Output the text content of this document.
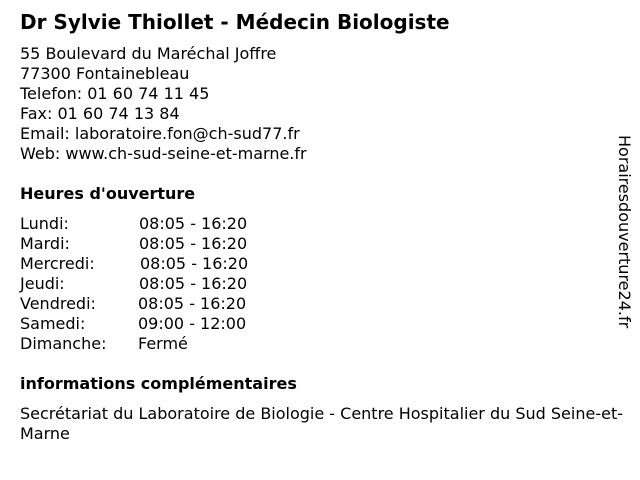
Dr Sylvie Thiollet - Médecin Biologiste
55 Boulevard du Maréchal Joffre
77300 Fontainebleau
Telefon: 01 60 74 11 45
Fax: 01 60 74 13 84
Email: laboratoire.fon@ch-sud77.fr
Web: www.ch-sud-seine-et-marne.fr
Heures d'ouverture
Lundi:	08:05 - 16:20
Mardi:	08:05 - 16:20
Mercredi:	08:05 - 16:20
Jeudi:	08:05 - 16:20
Vendredi:	08:05 - 16:20
Samedi:	09:00 - 12:00
Dimanche: Fermé
informations complémentaires
Secrétariat du Laboratoire de Biologie - Centre Hospitalier du Sud Seine-et-Marne
Horairesdouverture24.fr
